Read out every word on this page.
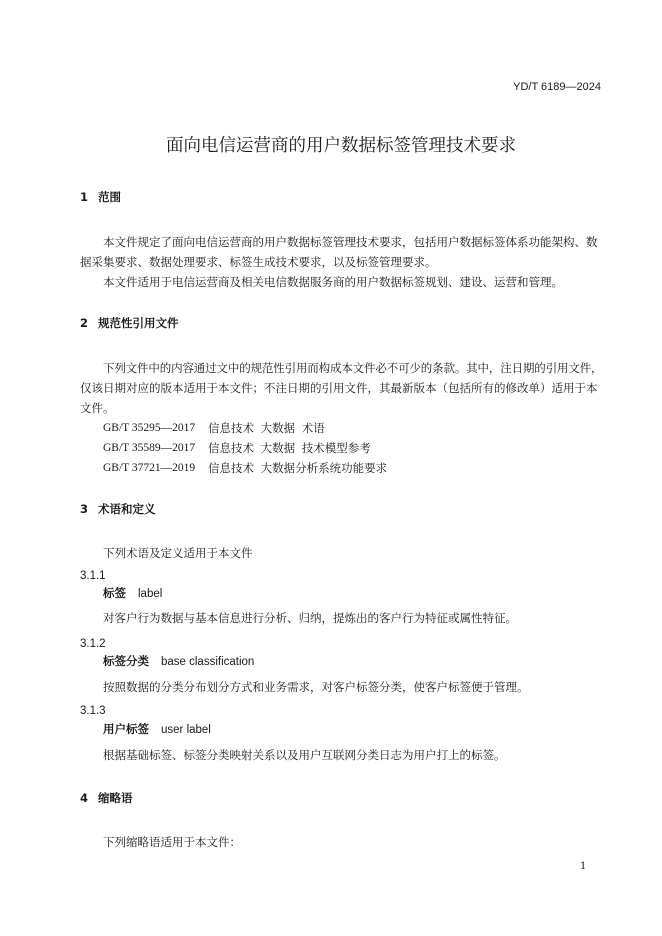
YD/T 6189—2024
面向电信运营商的用户数据标签管理技术要求
1 范围
本文件规定了面向电信运营商的用户数据标签管理技术要求，包括用户数据标签体系功能架构、数
据采集要求、数据处理要求、标签生成技术要求，以及标签管理要求。
本文件适用于电信运营商及相关电信数据服务商的用户数据标签规划、建设、运营和管理。
2 规范性引用文件
下列文件中的内容通过文中的规范性引用而构成本文件必不可少的条款。其中，注日期的引用文件，
仅该日期对应的版本适用于本文件；不注日期的引用文件，其最新版本（包括所有的修改单）适用于本
文件。
GB/T 35295—2017 信息技术 大数据 术语
GB/T 35589—2017 信息技术 大数据 技术模型参考
GB/T 37721—2019 信息技术 大数据分析系统功能要求
3 术语和定义
下列术语及定义适用于本文件
3.1.1
标签 label
对客户行为数据与基本信息进行分析、归纳，提炼出的客户行为特征或属性特征。
3.1.2
标签分类 base classification
按照数据的分类分布划分方式和业务需求，对客户标签分类，使客户标签便于管理。
3.1.3
用户标签 user label
根据基础标签、标签分类映射关系以及用户互联网分类日志为用户打上的标签。
4 缩略语
下列缩略语适用于本文件：
1
